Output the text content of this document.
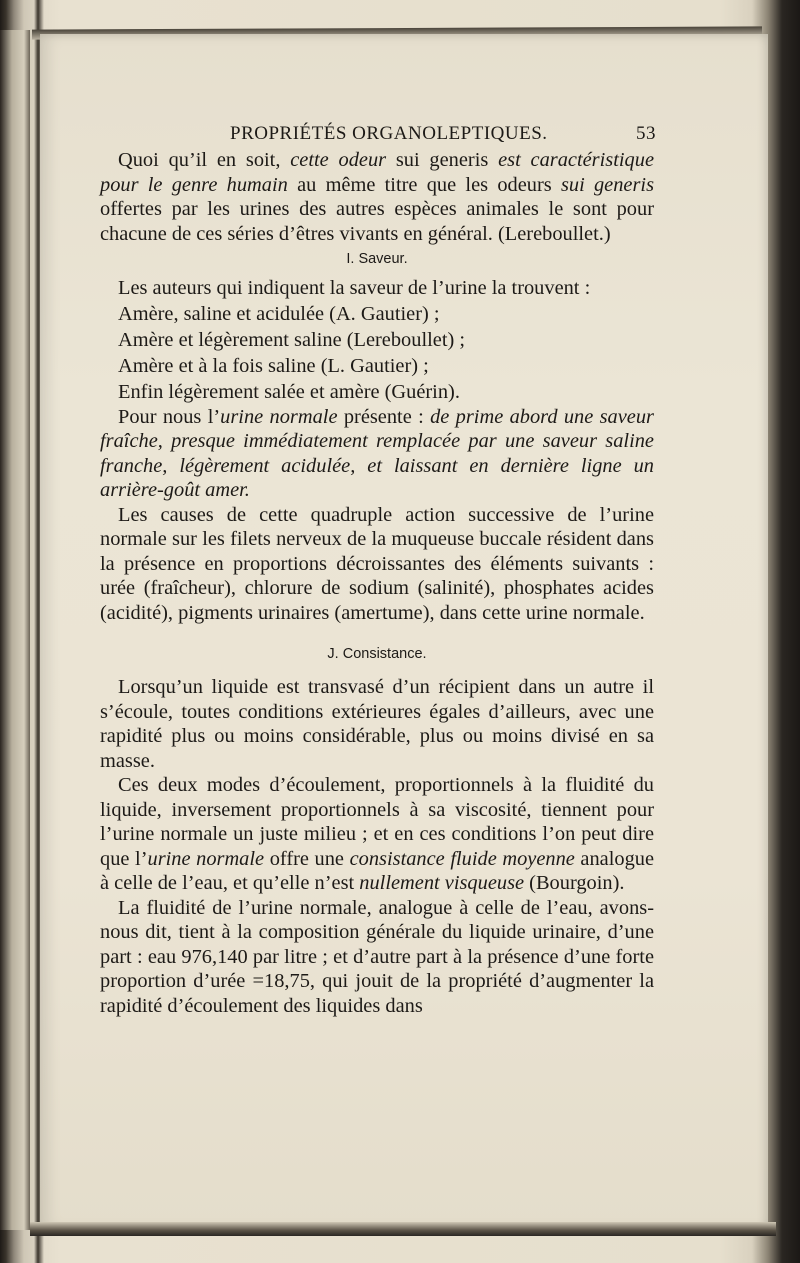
PROPRIÉTÉS ORGANOLEPTIQUES.	53

Quoi qu’il en soit, cette odeur sui generis est caractéristique pour le genre humain au même titre que les odeurs sui generis offertes par les urines des autres espèces animales le sont pour chacune de ces séries d’êtres vivants en général. (Lereboullet.)

I. Saveur.

Les auteurs qui indiquent la saveur de l’urine la trouvent :

Amère, saline et acidulée (A. Gautier) ;

Amère et légèrement saline (Lereboullet) ;

Amère et à la fois saline (L. Gautier) ;

Enfin légèrement salée et amère (Guérin).

Pour nous l’urine normale présente : de prime abord une saveur fraîche, presque immédiatement remplacée par une saveur saline franche, légèrement acidulée, et laissant en dernière ligne un arrière-goût amer.

Les causes de cette quadruple action successive de l’urine normale sur les filets nerveux de la muqueuse buccale résident dans la présence en proportions décroissantes des éléments suivants : urée (fraîcheur), chlorure de sodium (salinité), phosphates acides (acidité), pigments urinaires (amertume), dans cette urine normale.

J. Consistance.

Lorsqu’un liquide est transvasé d’un récipient dans un autre il s’écoule, toutes conditions extérieures égales d’ailleurs, avec une rapidité plus ou moins considérable, plus ou moins divisé en sa masse.

Ces deux modes d’écoulement, proportionnels à la fluidité du liquide, inversement proportionnels à sa viscosité, tiennent pour l’urine normale un juste milieu ; et en ces conditions l’on peut dire que l’urine normale offre une consistance fluide moyenne analogue à celle de l’eau, et qu’elle n’est nullement visqueuse (Bourgoin).

La fluidité de l’urine normale, analogue à celle de l’eau, avons-nous dit, tient à la composition générale du liquide urinaire, d’une part : eau 976,140 par litre ; et d’autre part à la présence d’une forte proportion d’urée =18,75, qui jouit de la propriété d’augmenter la rapidité d’écoulement des liquides dans
